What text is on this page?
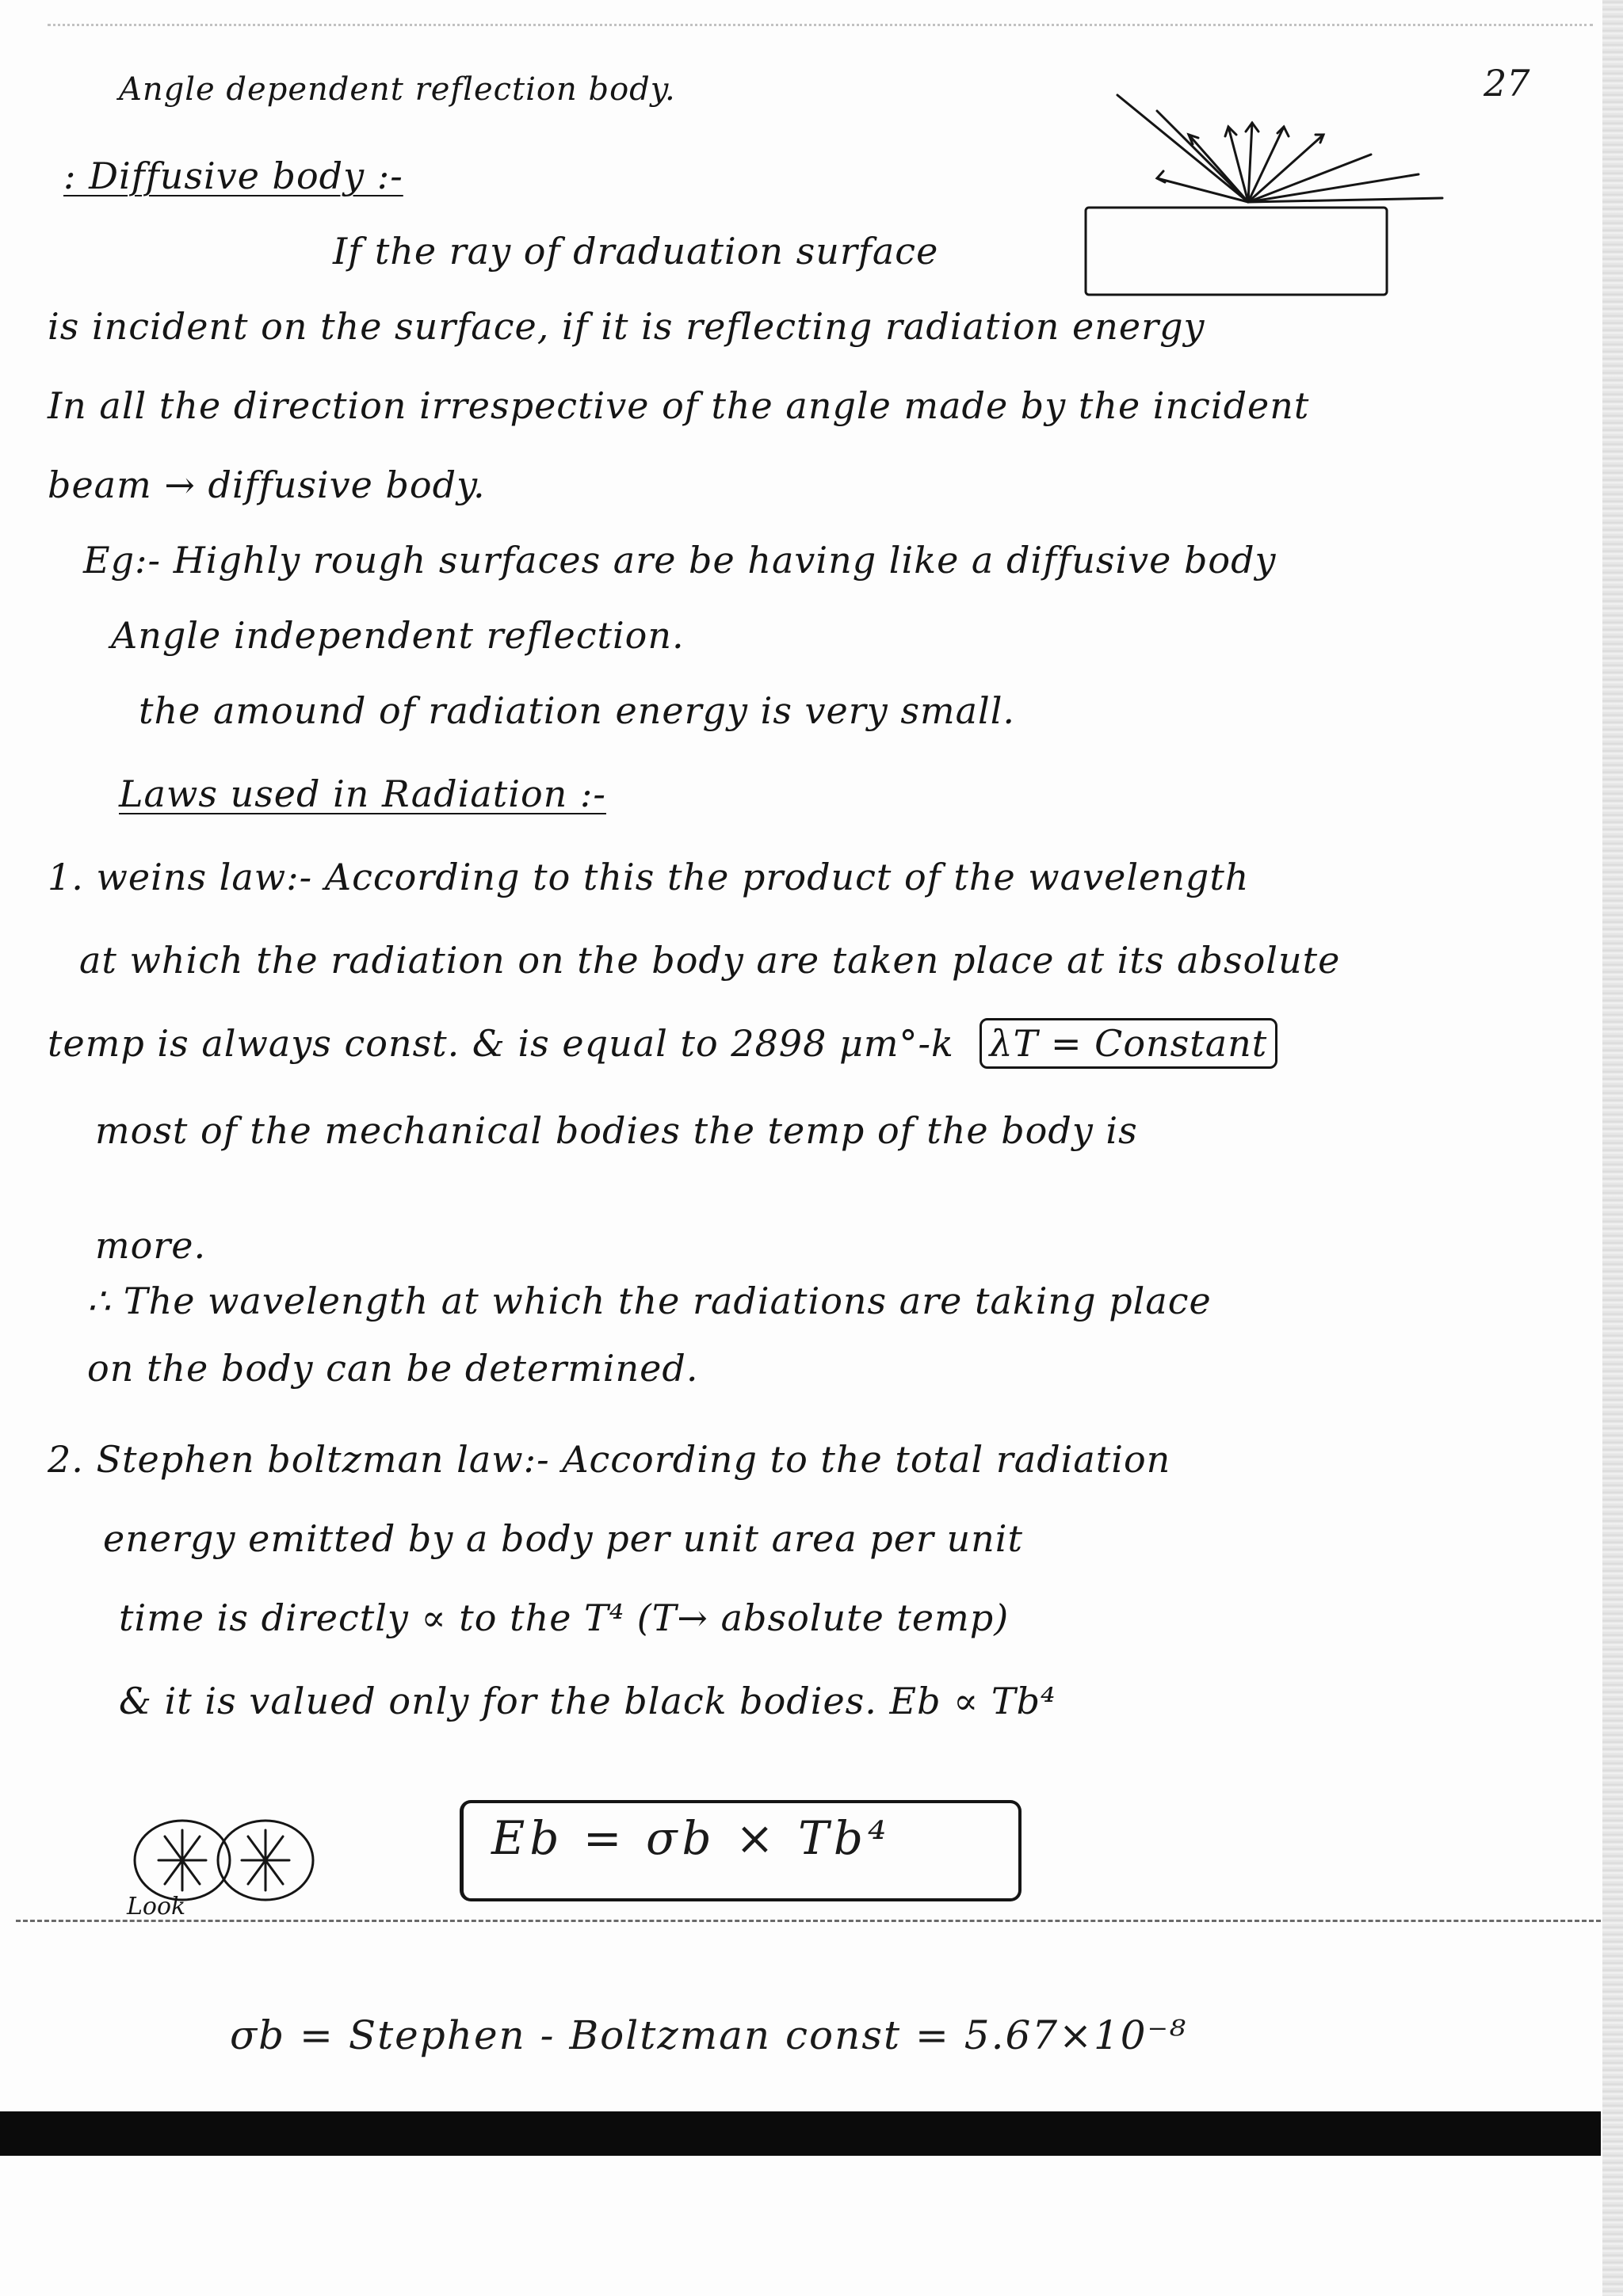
27
Angle dependent reflection body.
: Diffusive body :-
If the ray of draduation surface
is incident on the surface, if it is reflecting radiation energy
In all the direction irrespective of the angle made by the incident
beam → diffusive body.
Eg:- Highly rough surfaces are be having like a diffusive body
Angle independent reflection.
the amound of radiation energy is very small.
Laws used in Radiation :-
1. weins law:- According to this the product of the wavelength
at which the radiation on the body are taken place at its absolute
temp is always const. & is equal to 2898 μm°-k λT = Constant
most of the mechanical bodies the temp of the body is
more.
∴ The wavelength at which the radiations are taking place
on the body can be determined.
2. Stephen boltzman law:- According to the total radiation
energy emitted by a body per unit area per unit
time is directly ∝ to the T⁴ (T→ absolute temp)
& it is valued only for the black bodies. Eb ∝ Tb⁴
Look
Eb = σb × Tb⁴
σb = Stephen - Boltzman const = 5.67×10⁻⁸
